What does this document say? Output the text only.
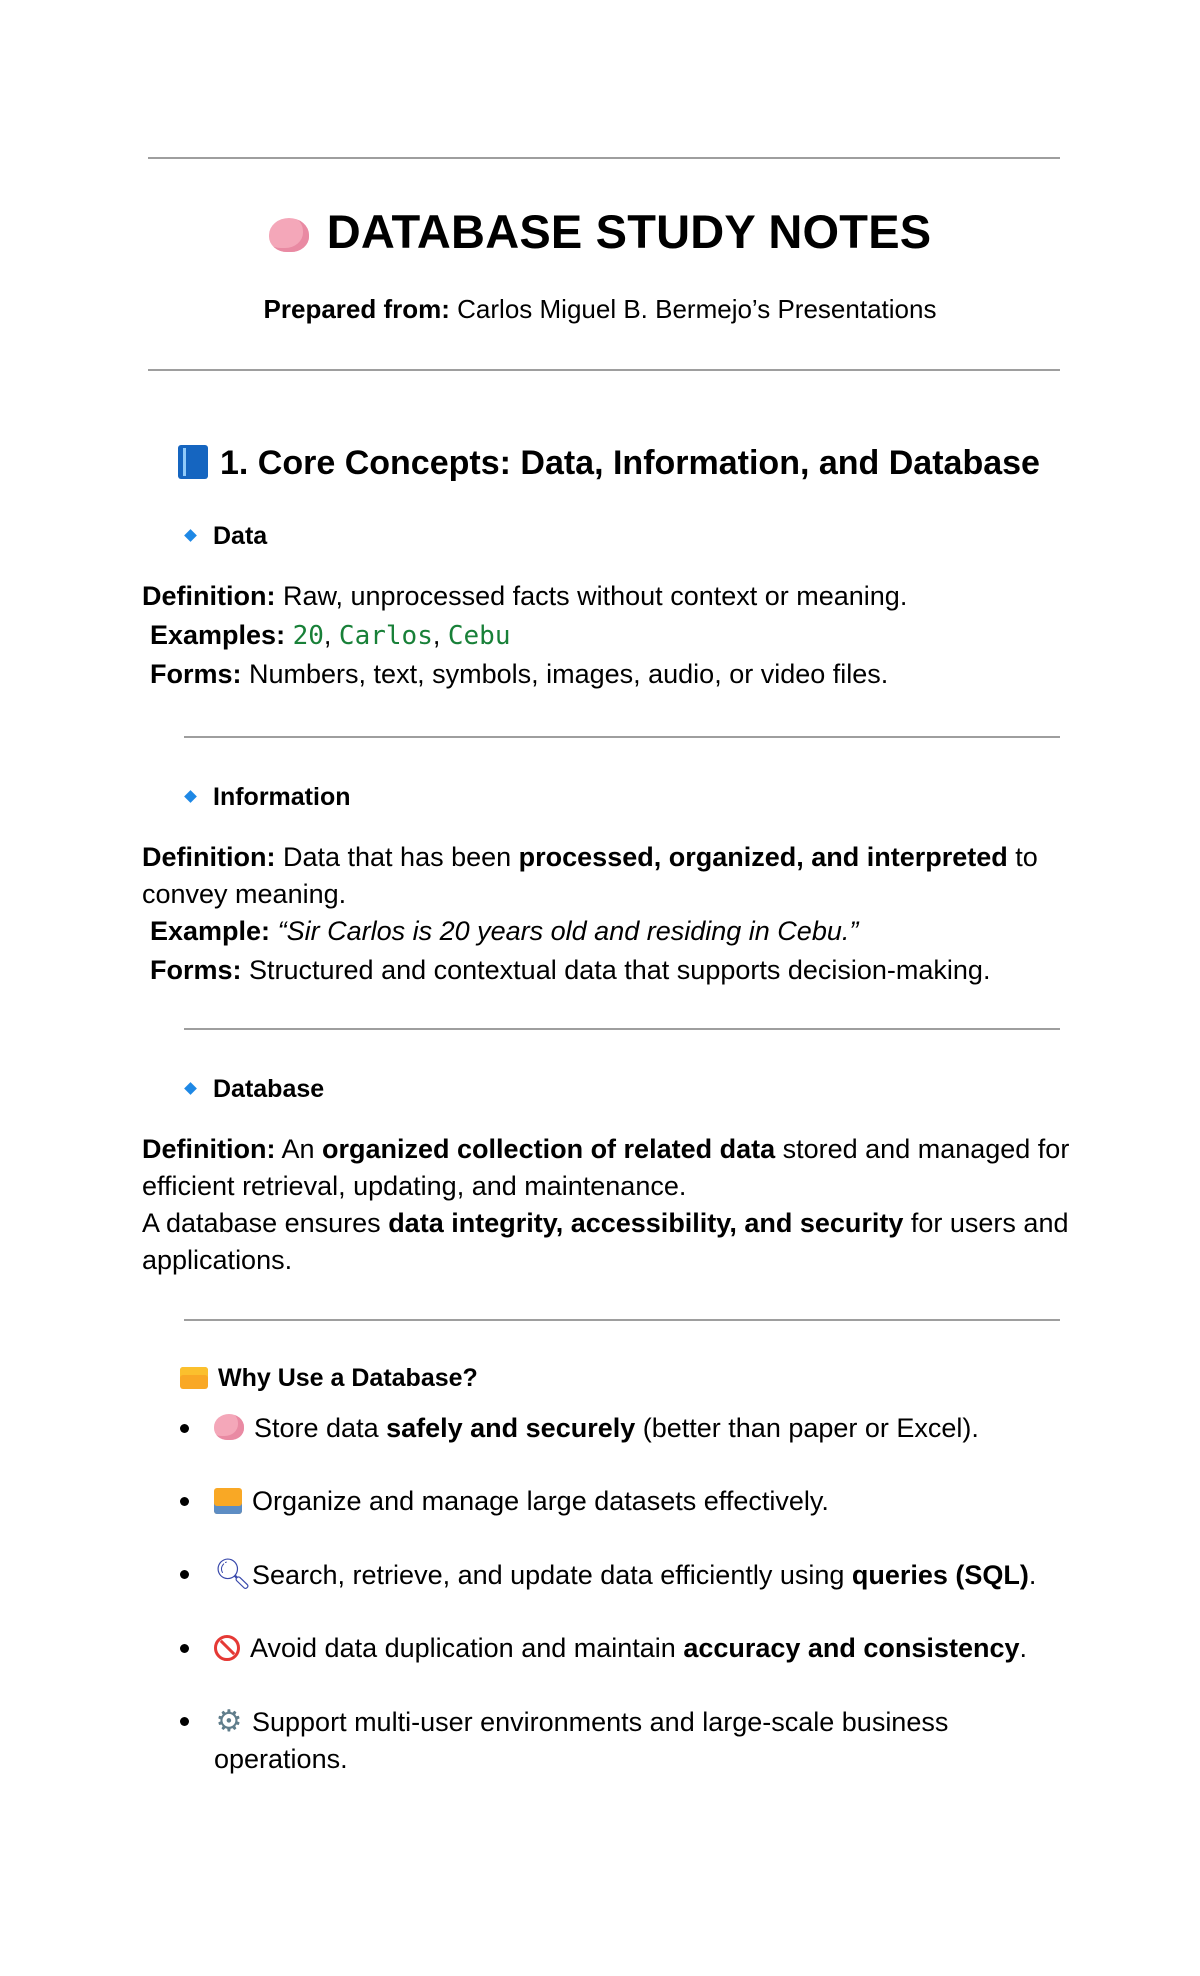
DATABASE STUDY NOTES
Prepared from: Carlos Miguel B. Bermejo’s Presentations
1. Core Concepts: Data, Information, and Database
Data
Definition: Raw, unprocessed facts without context or meaning.
Examples: 20, Carlos, Cebu
Forms: Numbers, text, symbols, images, audio, or video files.
Information
Definition: Data that has been processed, organized, and interpreted to convey meaning.
Example: “Sir Carlos is 20 years old and residing in Cebu.”
Forms: Structured and contextual data that supports decision-making.
Database
Definition: An organized collection of related data stored and managed for efficient retrieval, updating, and maintenance.
A database ensures data integrity, accessibility, and security for users and applications.
Why Use a Database?
Store data safely and securely (better than paper or Excel).
Organize and manage large datasets effectively.
🔍︎Search, retrieve, and update data efficiently using queries (SQL).
Avoid data duplication and maintain accuracy and consistency.
⚙ Support multi-user environments and large-scale business operations.
